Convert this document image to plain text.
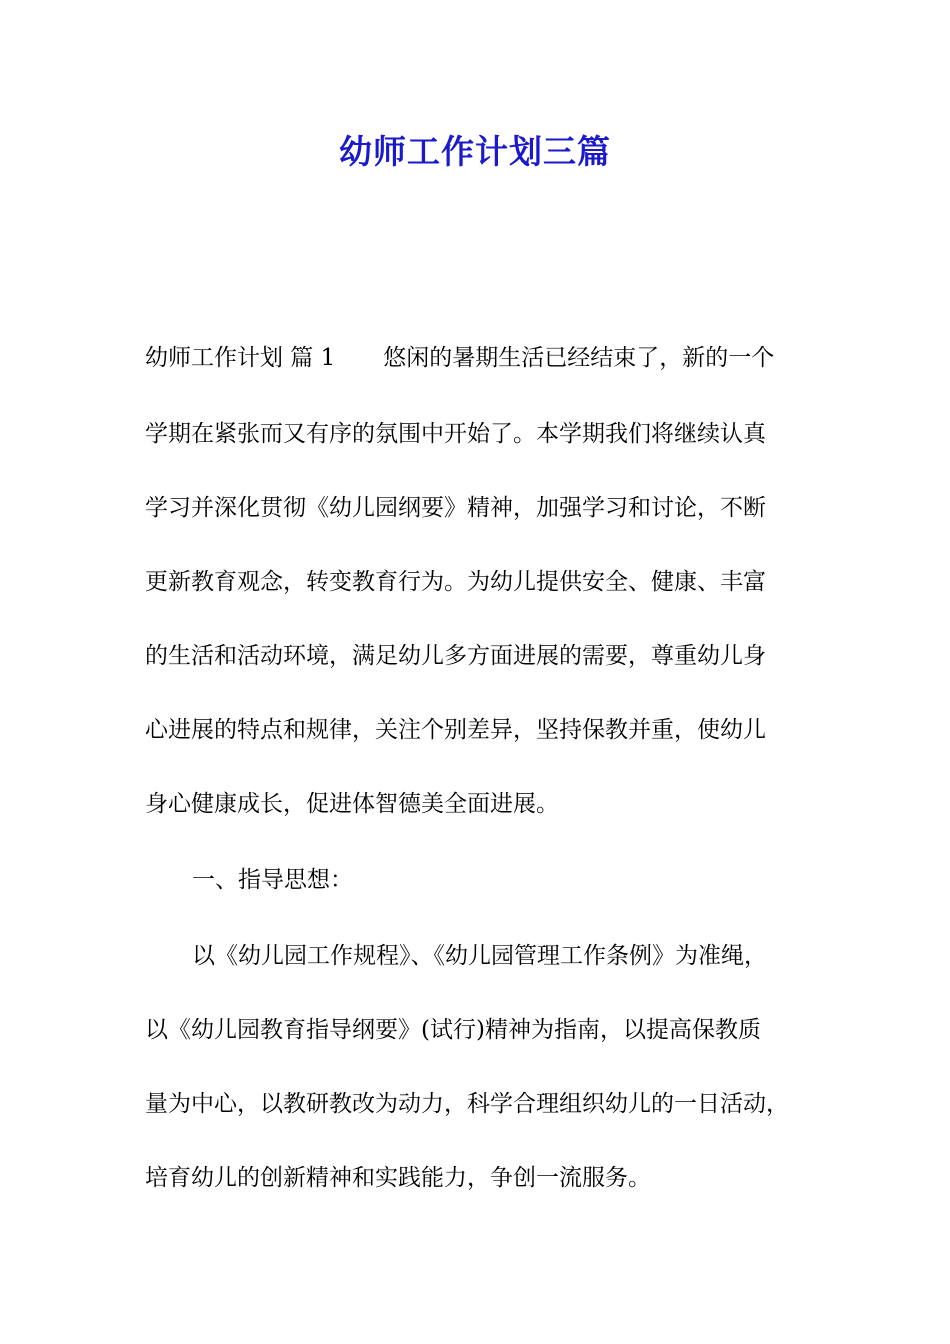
幼师工作计划三篇
幼师工作计划 篇 1 悠闲的暑期生活已经结束了，新的一个
学期在紧张而又有序的氛围中开始了。本学期我们将继续认真
学习并深化贯彻《幼儿园纲要》精神，加强学习和讨论，不断
更新教育观念，转变教育行为。为幼儿提供安全、健康、丰富
的生活和活动环境，满足幼儿多方面进展的需要，尊重幼儿身
心进展的特点和规律，关注个别差异，坚持保教并重，使幼儿
身心健康成长，促进体智德美全面进展。
一、指导思想：
以《幼儿园工作规程》、《幼儿园管理工作条例》为准绳，
以《幼儿园教育指导纲要》(试行)精神为指南，以提高保教质
量为中心，以教研教改为动力，科学合理组织幼儿的一日活动，
培育幼儿的创新精神和实践能力，争创一流服务。
